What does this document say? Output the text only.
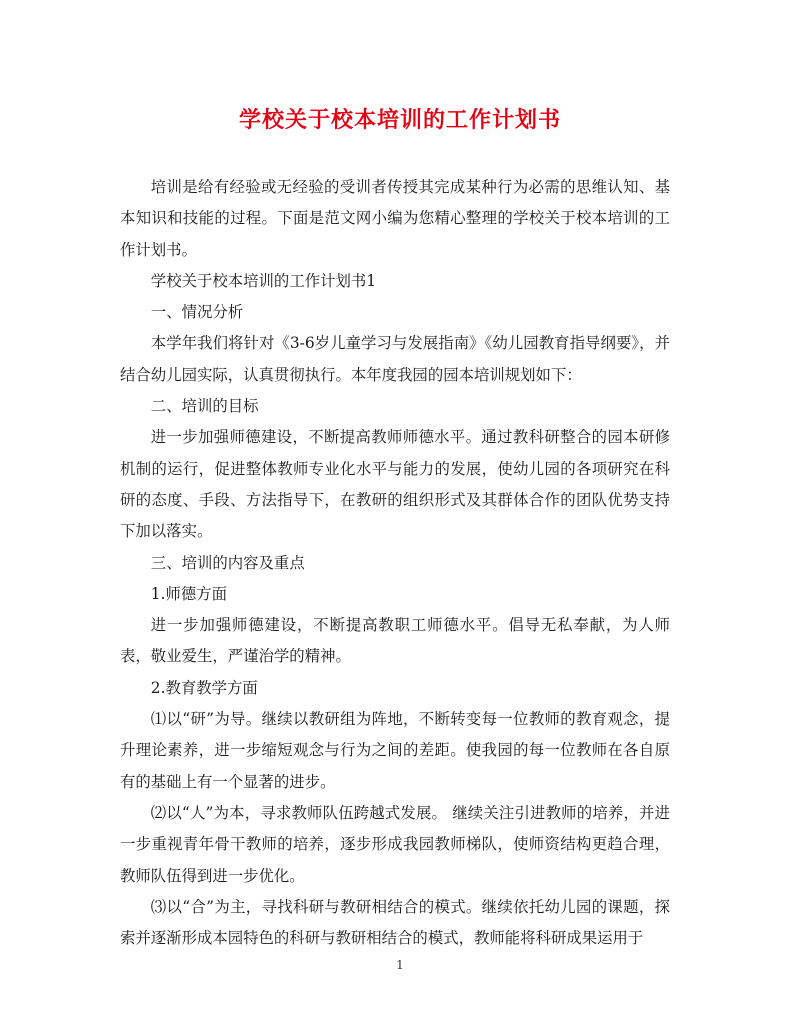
学校关于校本培训的工作计划书

培训是给有经验或无经验的受训者传授其完成某种行为必需的思维认知、基本知识和技能的过程。下面是范文网小编为您精心整理的学校关于校本培训的工作计划书。

学校关于校本培训的工作计划书1

一、情况分析

本学年我们将针对《3-6岁儿童学习与发展指南》《幼儿园教育指导纲要》，并结合幼儿园实际，认真贯彻执行。本年度我园的园本培训规划如下：

二、培训的目标

进一步加强师德建设，不断提高教师师德水平。通过教科研整合的园本研修机制的运行，促进整体教师专业化水平与能力的发展，使幼儿园的各项研究在科研的态度、手段、方法指导下，在教研的组织形式及其群体合作的团队优势支持下加以落实。

三、培训的内容及重点

1.师德方面

进一步加强师德建设，不断提高教职工师德水平。倡导无私奉献，为人师表，敬业爱生，严谨治学的精神。

2.教育教学方面

⑴以“研”为导。继续以教研组为阵地，不断转变每一位教师的教育观念，提升理论素养，进一步缩短观念与行为之间的差距。使我园的每一位教师在各自原有的基础上有一个显著的进步。

⑵以“人”为本，寻求教师队伍跨越式发展。 继续关注引进教师的培养，并进一步重视青年骨干教师的培养，逐步形成我园教师梯队，使师资结构更趋合理，教师队伍得到进一步优化。

⑶以“合”为主，寻找科研与教研相结合的模式。继续依托幼儿园的课题，探索并逐渐形成本园特色的科研与教研相结合的模式，教师能将科研成果运用于

1
